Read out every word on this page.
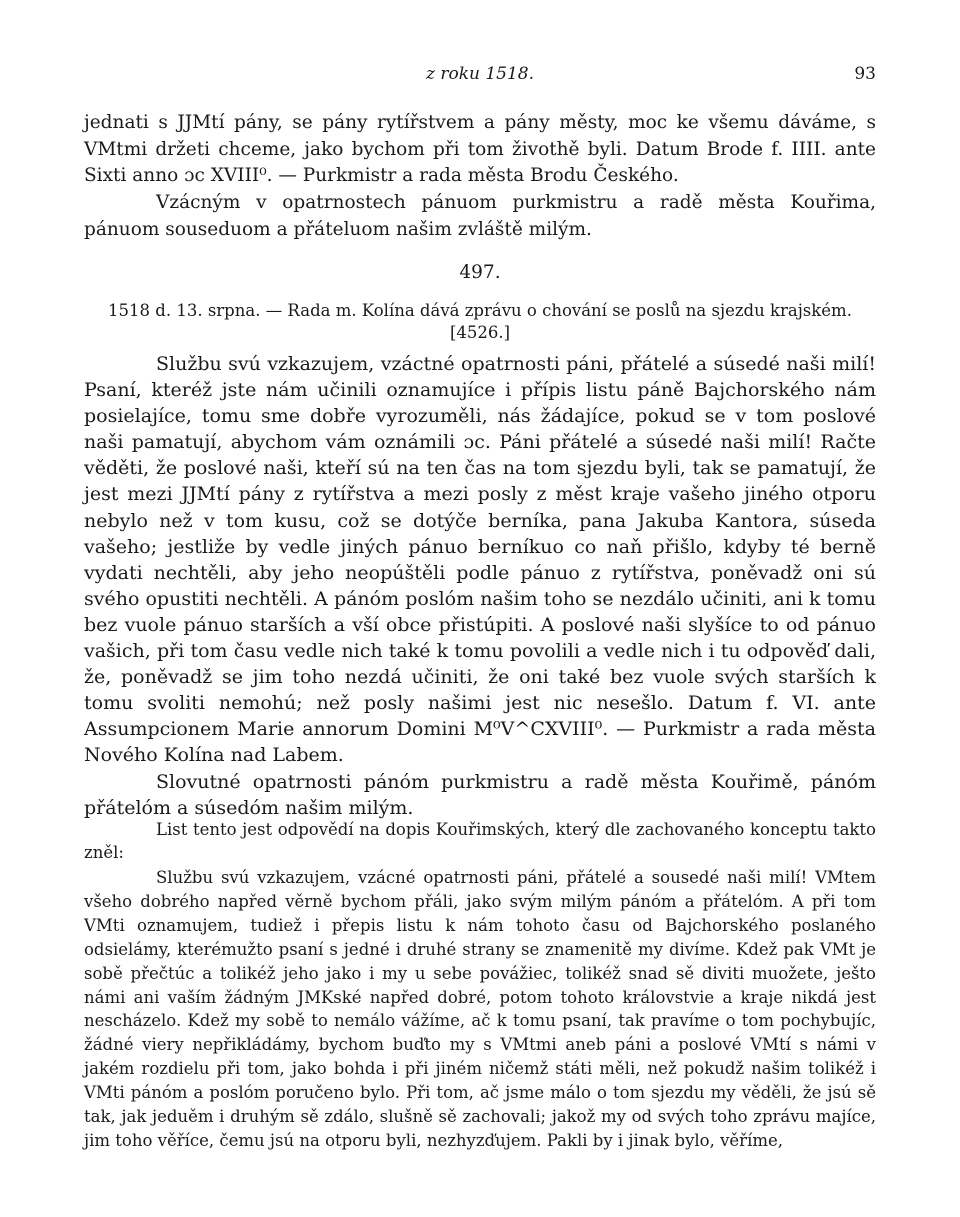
z roku 1518.	93

jednati s JJMtí pány, se pány rytířstvem a pány městy, moc ke všemu dáváme, s VMtmi držeti chceme, jako bychom při tom živothě byli. Datum Brode f. IIII. ante Sixti anno ɔc XVIII⁰. — Purkmistr a rada města Brodu Českého.

Vzácným v opatrnostech pánuom purkmistru a radě města Kouřima, pánuom souseduom a přáteluom našim zvláště milým.

497.
1518 d. 13. srpna. — Rada m. Kolína dává zprávu o chování se poslů na sjezdu krajském. [4526.]

Službu svú vzkazujem, vzáctné opatrnosti páni, přátelé a súsedé naši milí! Psaní, kteréž jste nám učinili oznamujíce i přípis listu páně Bajchorského nám posielajíce, tomu sme dobře vyrozuměli, nás žádajíce, pokud se v tom poslové naši pamatují, abychom vám oznámili ɔc. Páni přátelé a súsedé naši milí! Račte věděti, že poslové naši, kteří sú na ten čas na tom sjezdu byli, tak se pamatují, že jest mezi JJMtí pány z rytířstva a mezi posly z měst kraje vašeho jiného otporu nebylo než v tom kusu, což se dotýče berníka, pana Jakuba Kantora, súseda vašeho; jestliže by vedle jiných pánuo berníkuo co naň přišlo, kdyby té berně vydati nechtěli, aby jeho neopúštěli podle pánuo z rytířstva, poněvadž oni sú svého opustiti nechtěli. A pánóm poslóm našim toho se nezdálo učiniti, ani k tomu bez vuole pánuo starších a vší obce přistúpiti. A poslové naši slyšíce to od pánuo vašich, při tom času vedle nich také k tomu povolili a vedle nich i tu odpověď dali, že, poněvadž se jim toho nezdá učiniti, že oni také bez vuole svých starších k tomu svoliti nemohú; než posly našimi jest nic nesešlo. Datum f. VI. ante Assumpcionem Marie annorum Domini M⁰V^CXVIII⁰. — Purkmistr a rada města Nového Kolína nad Labem.

Slovutné opatrnosti pánóm purkmistru a radě města Kouřimě, pánóm přátelóm a súsedóm našim milým.

List tento jest odpovědí na dopis Kouřimských, který dle zachovaného konceptu takto zněl:

Službu svú vzkazujem, vzácné opatrnosti páni, přátelé a sousedé naši milí! VMtem všeho dobrého napřed věrně bychom přáli, jako svým milým pánóm a přátelóm. A při tom VMti oznamujem, tudiež i přepis listu k nám tohoto času od Bajchorského poslaného odsielámy, kterémužto psaní s jedné i druhé strany se znamenitě my divíme. Kdež pak VMt je sobě přečtúc a tolikéž jeho jako i my u sebe povážiec, tolikéž snad sě diviti muožete, ješto námi ani vaším žádným JMKské napřed dobré, potom tohoto královstvie a kraje nikdá jest nescházelo. Kdež my sobě to nemálo vážíme, ač k tomu psaní, tak pravíme o tom pochybujíc, žádné viery nepřikládámy, bychom buďto my s VMtmi aneb páni a poslové VMtí s námi v jakém rozdielu při tom, jako bohda i při jiném ničemž státi měli, než pokudž našim tolikéž i VMti pánóm a poslóm poručeno bylo. Při tom, ač jsme málo o tom sjezdu my věděli, že jsú sě tak, jak jeduěm i druhým sě zdálo, slušně sě zachovali; jakož my od svých toho zprávu majíce, jim toho věříce, čemu jsú na otporu byli, nezhyzďujem. Pakli by i jinak bylo, věříme,
